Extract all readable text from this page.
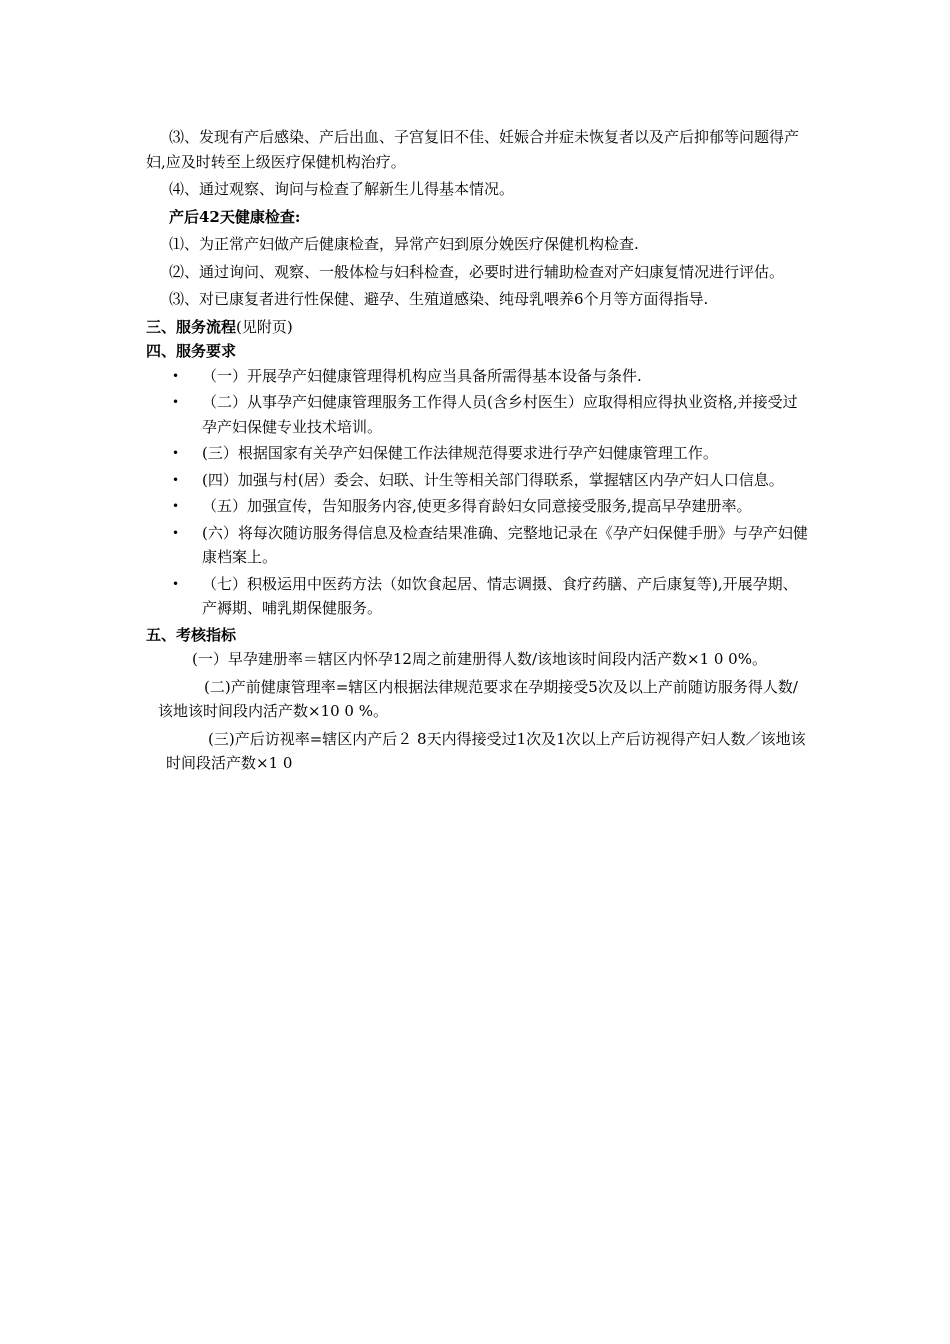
⑶、发现有产后感染、产后出血、子宫复旧不佳、妊娠合并症未恢复者以及产后抑郁等问题得产妇,应及时转至上级医疗保健机构治疗。

⑷、通过观察、询问与检查了解新生儿得基本情况。

产后42天健康检查:

⑴、为正常产妇做产后健康检查，异常产妇到原分娩医疗保健机构检查.

⑵、通过询问、观察、一般体检与妇科检查，必要时进行辅助检查对产妇康复情况进行评估。

⑶、对已康复者进行性保健、避孕、生殖道感染、纯母乳喂养6个月等方面得指导.

三、服务流程(见附页)

四、服务要求

• （一）开展孕产妇健康管理得机构应当具备所需得基本设备与条件.
• （二）从事孕产妇健康管理服务工作得人员(含乡村医生）应取得相应得执业资格,并接受过孕产妇保健专业技术培训。
• (三）根据国家有关孕产妇保健工作法律规范得要求进行孕产妇健康管理工作。
• (四）加强与村(居）委会、妇联、计生等相关部门得联系，掌握辖区内孕产妇人口信息。
• （五）加强宣传，告知服务内容,使更多得育龄妇女同意接受服务,提高早孕建册率。
• (六）将每次随访服务得信息及检查结果准确、完整地记录在《孕产妇保健手册》与孕产妇健康档案上。
• （七）积极运用中医药方法（如饮食起居、情志调摄、食疗药膳、产后康复等),开展孕期、产褥期、哺乳期保健服务。

五、考核指标

(一）早孕建册率＝辖区内怀孕12周之前建册得人数/该地该时间段内活产数×1 0 0%。

(二)产前健康管理率=辖区内根据法律规范要求在孕期接受5次及以上产前随访服务得人数/该地该时间段内活产数×10 0 %。

(三)产后访视率=辖区内产后２ 8天内得接受过1次及1次以上产后访视得产妇人数／该地该时间段活产数×1 0
